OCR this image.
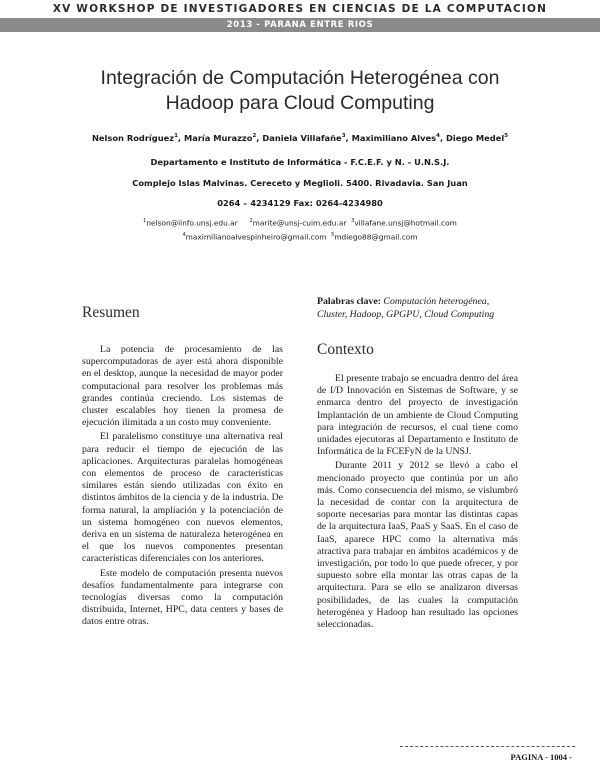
XV WORKSHOP DE INVESTIGADORES EN CIENCIAS DE LA COMPUTACION
2013 - PARANA ENTRE RIOS
Integración de Computación Heterogénea con
Hadoop para Cloud Computing
Nelson Rodríguez$^1$, María Murazzo$^2$, Daniela Villafañe$^3$, Maximiliano Alves$^4$, Diego Medel$^5$
Departamento e Instituto de Informática - F.C.E.F. y N. - U.N.S.J.
Complejo Islas Malvinas. Cereceto y Meglioli. 5400. Rivadavia. San Juan
0264 – 4234129 Fax: 0264-4234980
$^1$nelson@iinfo.unsj.edu.ar $^2$marite@unsj-cuim.edu.ar $^3$villafane.unsj@hotmail.com
$^4$maximilianoalvespinheiro@gmail.com $^5$mdiego88@gmail.com
Resumen

La potencia de procesamiento de las supercomputadoras de ayer está ahora disponible en el desktop, aunque la necesidad de mayor poder computacional para resolver los problemas más grandes continúa creciendo. Los sistemas de cluster escalables hoy tienen la promesa de ejecución ilimitada a un costo muy conveniente.

El paralelismo constituye una alternativa real para reducir el tiempo de ejecución de las aplicaciones. Arquitecturas paralelas homogéneas con elementos de proceso de características similares están siendo utilizadas con éxito en distintos ámbitos de la ciencia y de la industria. De forma natural, la ampliación y la potenciación de un sistema homogéneo con nuevos elementos, deriva en un sistema de naturaleza heterogénea en el que los nuevos componentes presentan características diferenciales con los anteriores.

Este modelo de computación presenta nuevos desafíos fundamentalmente para integrarse con tecnologías diversas como la computación distribuida, Internet, HPC, data centers y bases de datos entre otras.

Palabras clave: Computación heterogénea, Cluster, Hadoop, GPGPU, Cloud Computing
Contexto

El presente trabajo se encuadra dentro del área de I/D Innovación en Sistemas de Software, y se enmarca dentro del proyecto de investigación Implantación de un ambiente de Cloud Computing para integración de recursos, el cual tiene como unidades ejecutoras al Departamento e Instituto de Informática de la FCEFyN de la UNSJ.

Durante 2011 y 2012 se llevó a cabo el mencionado proyecto que continúa por un año más. Como consecuencia del mismo, se vislumbró la necesidad de contar con la arquitectura de soporte necesarias para montar las distintas capas de la arquitectura IaaS, PaaS y SaaS. En el caso de IaaS, aparece HPC como la alternativa más atractiva para trabajar en ámbitos académicos y de investigación, por todo lo que puede ofrecer, y por supuesto sobre ella montar las otras capas de la arquitectura. Para se ello se analizaron diversas posibilidades, de las cuales la computación heterogénea y Hadoop han resultado las opciones seleccionadas.

PAGINA - 1004 -
